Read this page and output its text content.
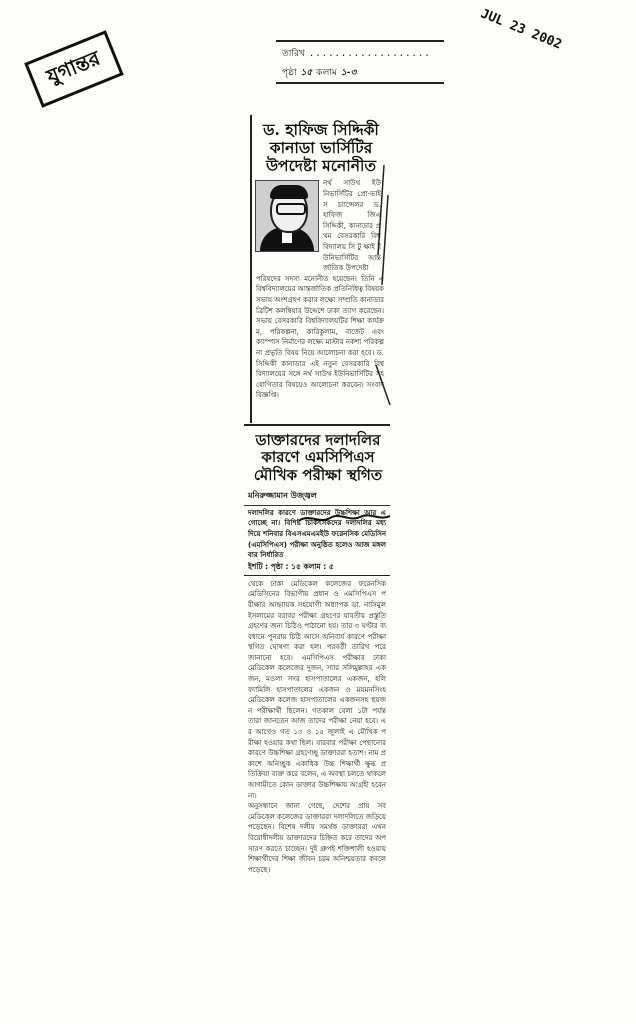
যুগান্তর
JUL 23 2002
তারিখ ...................
পৃষ্ঠা ১৫ কলাম ১-৩
ড. হাফিজ সিদ্দিকী কানাডা ভার্সিটির উপদেষ্টা মনোনীত

নর্থ সাউথ ইউনিভার্সিটির প্রো-ভাইস চ্যান্সেলর ড. হাফিজ জিএ সিদ্দিকী, কানাডার প্রথম বেসরকারি বিশ্ববিদ্যালয় সি টু ক্ষাই ইউনিভার্সিটির আন্তর্জাতিক উপদেষ্টা

পরিষদের সদস্য মনোনীত হয়েছেন। তিনি এ বিশ্ববিদ্যালয়ের আন্তর্জাতিক প্রতিনিধিত্ব বিষয়ক সভায় অংশগ্রহণ করার লক্ষ্যে সম্প্রতি কানাডার ব্রিটিশ কলম্বিয়ার উদ্দেশে ঢাকা ত্যাগ করেছেন। সভায় বেসরকারি বিশ্ববিদ্যালয়টির শিক্ষা কার্যক্রম, পরিকল্পনা, কারিকুলাম, বাজেট এবং ক্যাম্পাস নির্মাণের লক্ষ্যে মাস্টার নকশা পরিকল্পনা প্রভৃতি বিষয় নিয়ে আলোচনা করা হবে। ড. সিদ্দিকী কানাডার এই নতুন বেসরকারি বিশ্ববিদ্যালয়ের সঙ্গে নর্থ সাউথ ইউনিভার্সিটির সহযোগিতার বিষয়েও আলোচনা করবেন। সংবাদ বিজ্ঞপ্তি।

ডাক্তারদের দলাদলির কারণে এমসিপিএস মৌখিক পরীক্ষা স্থগিত
মনিরুজ্জামান উজ্জ্বল

দলাদলির কারণে ডাক্তারদের উচ্চশিক্ষা আর এগোচ্ছে না। বিশিষ্ট চিকিৎসকদের দলাদলির মধ্য দিয়ে শনিবার বিএসএমএমইউ ফরেনসিক মেডিসিন (এমসিপিএস) পরীক্ষা অনুষ্ঠিত হলেও আজ মঙ্গলবার নির্ধারিত

ইশটি : পৃষ্ঠা : ১৫ কলাম : ৫

থেকে ঢাকা মেডিকেল কলেজের ফরেনসিক মেডিসিনের বিভাগীয় প্রধান ও এমসিপিএস পরীক্ষার আহ্বায়ক সহযোগী অধ্যাপক ডা. নাসিমুল ইসলামের বরাবর পরীক্ষা গ্রহণের যাবতীয় প্রস্তুতি গ্রহণের জন্য চিঠিও পাঠানো হয়। তার ৩ ঘণ্টার ব্যবধানে পুনরায় চিঠি আসে অনিবার্য কারণে পরীক্ষা স্থগিত ঘোষণা করা হল। পরবর্তী তারিখ পরে জানানো হবে। এমসিপিএস পরীক্ষার ঢাকা মেডিকেল কলেজের দুজন, স্যার সলিমুল্লাহর একজন, মওলা সদর হাসপাতালের একজন, হলি ফ্যামিলি হাসপাতালের একজন ও ময়মনসিংহ মেডিকেল কলেজ হাসপাতালের একজনসহ ছয়জন পরীক্ষার্থী ছিলেন। গতকাল বেলা ১টা পর্যন্ত তারা জানতেন আজ তাদের পরীক্ষা নেয়া হবে। এর আগেও গত ১৩ ও ১৫ জুলাই এ মৌখিক পরীক্ষা হওয়ার কথা ছিল। বারবার পরীক্ষা পেছানোর কারণে উচ্চশিক্ষা গ্রহণেচ্ছু ডাক্তাররা হতাশ। নাম প্রকাশে অনিচ্ছুক একাধিক উচ্চ শিক্ষার্থী ক্ষুব্ধ প্রতিক্রিয়া ব্যক্ত করে বলেন, এ অবস্থা চলতে থাকলে আগামীতে কোন ডাক্তার উচ্চশিক্ষায় আগ্রহী হবেন না।

অনুসন্ধানে জানা গেছে, দেশের প্রায় সব মেডিকেল কলেজের ডাক্তাররা দলাদলিতে জড়িয়ে পড়েছেন। বিশেষ দলীয় সমর্থক ডাক্তাররা এখন বিরোধীদলীয় ডাক্তারদের চিহ্নিত করে তাদের অপসারণ করতে চাচ্ছেন। দুই গ্রুপই শক্তিশালী হওয়ায় শিক্ষার্থীদের শিক্ষা জীবন চরম অনিশ্চয়তার কবলে পড়েছে।
